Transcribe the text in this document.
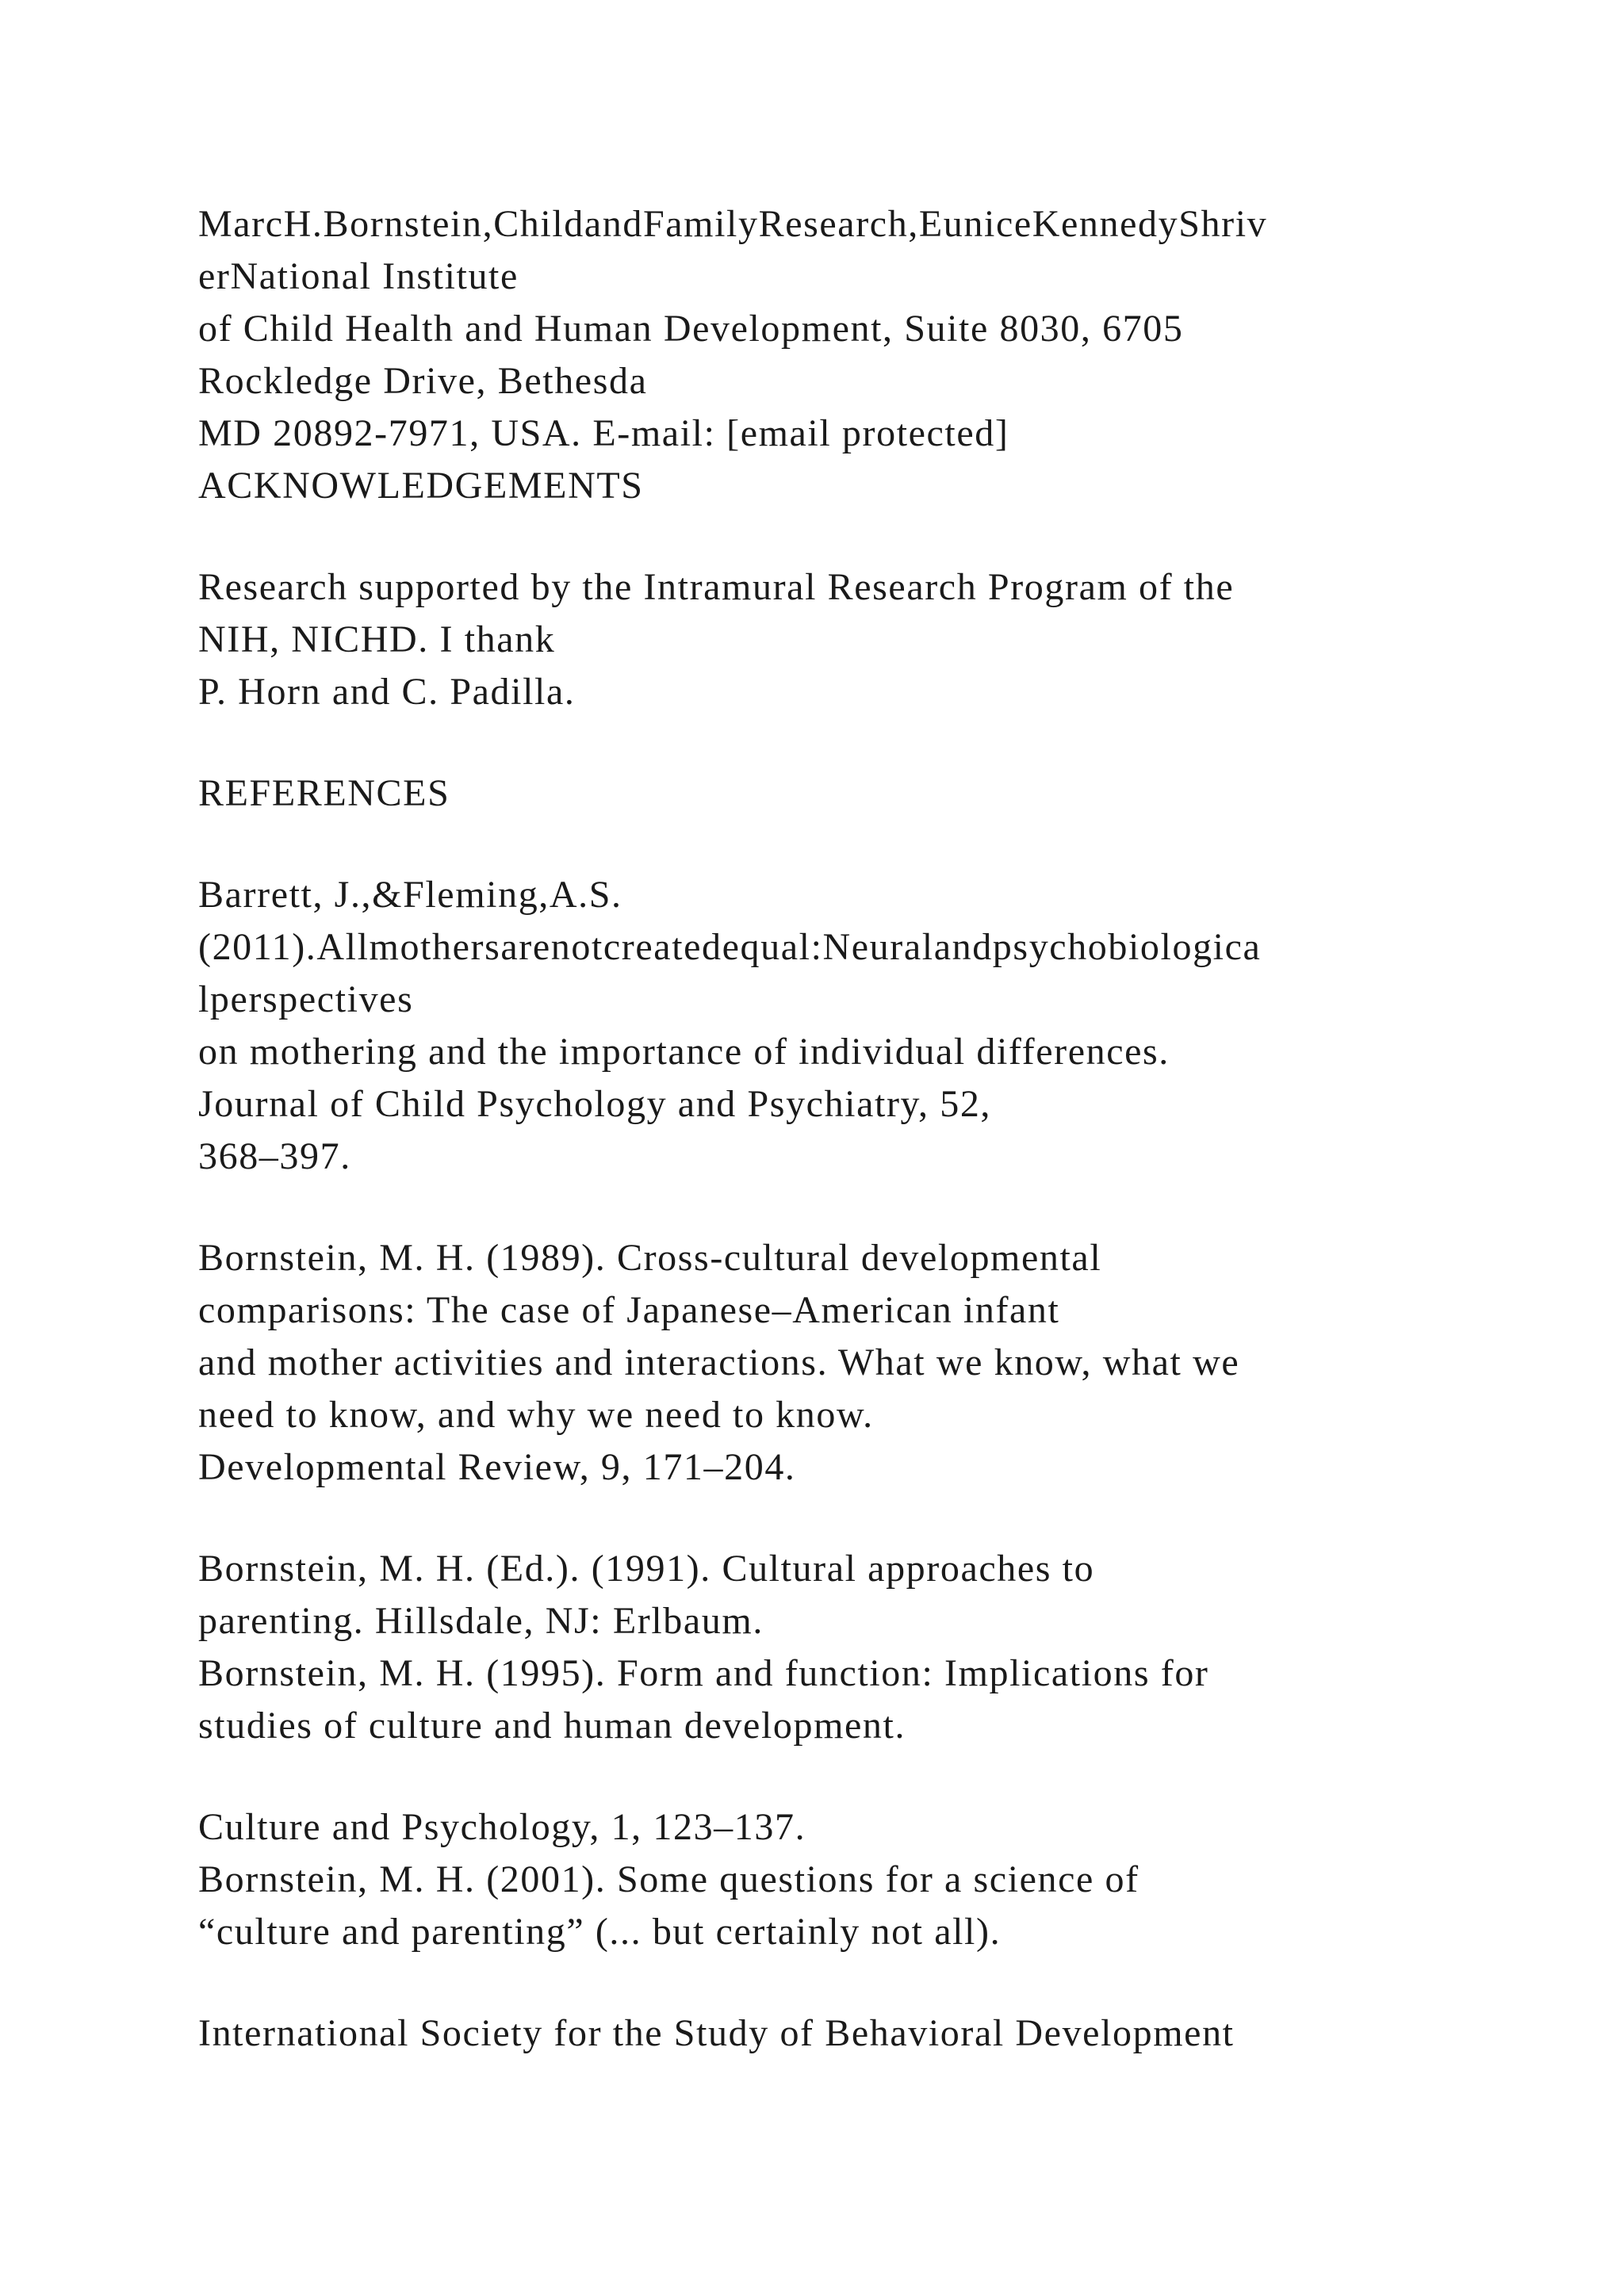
MarcH.Bornstein,ChildandFamilyResearch,EuniceKennedyShriv
erNational Institute
of Child Health and Human Development, Suite 8030, 6705
Rockledge Drive, Bethesda
MD 20892-7971, USA. E-mail: [email protected]
ACKNOWLEDGEMENTS
Research supported by the Intramural Research Program of the
NIH, NICHD. I thank
P. Horn and C. Padilla.
REFERENCES
Barrett, J.,&Fleming,A.S.
(2011).Allmothersarenotcreatedequal:Neuralandpsychobiologica
lperspectives
on mothering and the importance of individual differences.
Journal of Child Psychology and Psychiatry, 52,
368–397.
Bornstein, M. H. (1989). Cross-cultural developmental
comparisons: The case of Japanese–American infant
and mother activities and interactions. What we know, what we
need to know, and why we need to know.
Developmental Review, 9, 171–204.
Bornstein, M. H. (Ed.). (1991). Cultural approaches to
parenting. Hillsdale, NJ: Erlbaum.
Bornstein, M. H. (1995). Form and function: Implications for
studies of culture and human development.
Culture and Psychology, 1, 123–137.
Bornstein, M. H. (2001). Some questions for a science of
“culture and parenting” (... but certainly not all).
International Society for the Study of Behavioral Development
